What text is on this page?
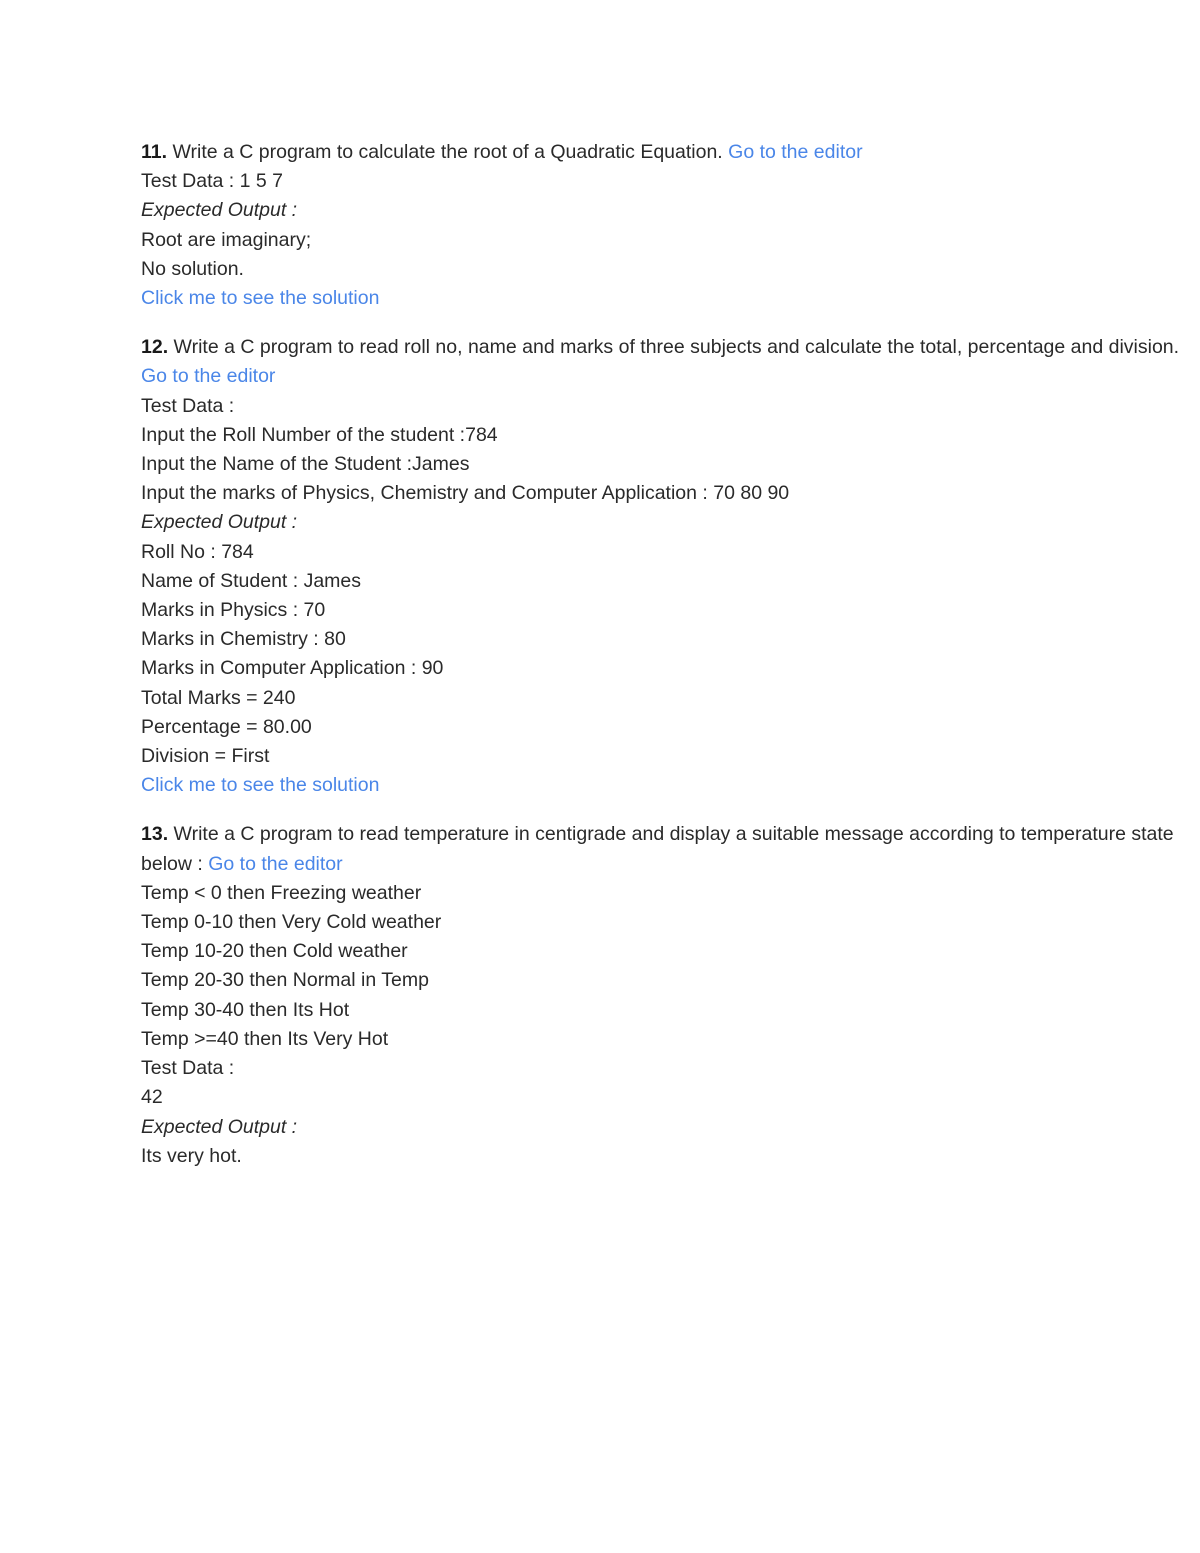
11. Write a C program to calculate the root of a Quadratic Equation. Go to the editor

Test Data : 1 5 7

Expected Output :

Root are imaginary;

No solution.

Click me to see the solution

12. Write a C program to read roll no, name and marks of three subjects and calculate the total, percentage and division. Go to the editor

Test Data :

Input the Roll Number of the student :784

Input the Name of the Student :James

Input the marks of Physics, Chemistry and Computer Application : 70 80 90

Expected Output :

Roll No : 784

Name of Student : James

Marks in Physics : 70

Marks in Chemistry : 80

Marks in Computer Application : 90

Total Marks = 240

Percentage = 80.00

Division = First

Click me to see the solution

13. Write a C program to read temperature in centigrade and display a suitable message according to temperature state below : Go to the editor

Temp < 0 then Freezing weather

Temp 0-10 then Very Cold weather

Temp 10-20 then Cold weather

Temp 20-30 then Normal in Temp

Temp 30-40 then Its Hot

Temp >=40 then Its Very Hot

Test Data :

42

Expected Output :

Its very hot.
